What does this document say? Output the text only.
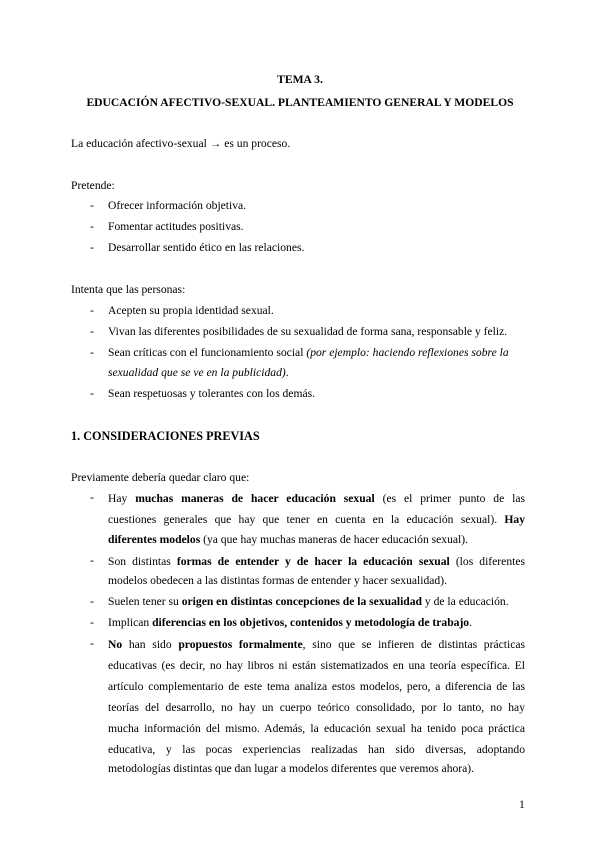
TEMA 3.
EDUCACIÓN AFECTIVO-SEXUAL. PLANTEAMIENTO GENERAL Y MODELOS
La educación afectivo-sexual → es un proceso.
Pretende:
- Ofrecer información objetiva.
- Fomentar actitudes positivas.
- Desarrollar sentido ético en las relaciones.
Intenta que las personas:
- Acepten su propia identidad sexual.
- Vivan las diferentes posibilidades de su sexualidad de forma sana, responsable y feliz.
- Sean críticas con el funcionamiento social (por ejemplo: haciendo reflexiones sobre la
sexualidad que se ve en la publicidad).
- Sean respetuosas y tolerantes con los demás.
1. CONSIDERACIONES PREVIAS
Previamente debería quedar claro que:
- Hay muchas maneras de hacer educación sexual (es el primer punto de las
cuestiones generales que hay que tener en cuenta en la educación sexual). Hay
diferentes modelos (ya que hay muchas maneras de hacer educación sexual).
- Son distintas formas de entender y de hacer la educación sexual (los diferentes
modelos obedecen a las distintas formas de entender y hacer sexualidad).
- Suelen tener su origen en distintas concepciones de la sexualidad y de la educación.
- Implican diferencias en los objetivos, contenidos y metodología de trabajo.
- No han sido propuestos formalmente, sino que se infieren de distintas prácticas
educativas (es decir, no hay libros ni están sistematizados en una teoría específica. El
artículo complementario de este tema analiza estos modelos, pero, a diferencia de las
teorías del desarrollo, no hay un cuerpo teórico consolidado, por lo tanto, no hay
mucha información del mismo. Además, la educación sexual ha tenido poca práctica
educativa, y las pocas experiencias realizadas han sido diversas, adoptando
metodologías distintas que dan lugar a modelos diferentes que veremos ahora).
1
